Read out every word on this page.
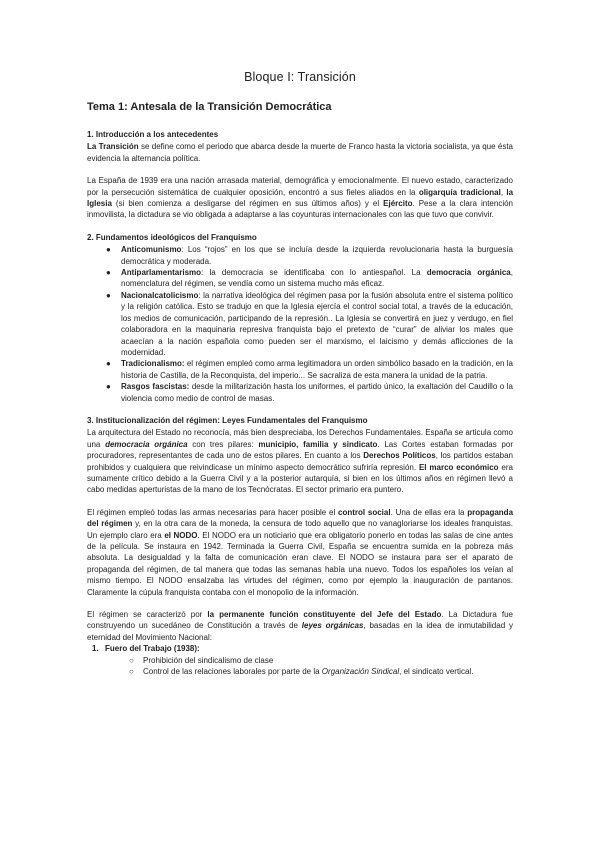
Bloque I: Transición
Tema 1: Antesala de la Transición Democrática
1. Introducción a los antecedentes

La Transición se define como el periodo que abarca desde la muerte de Franco hasta la victoria socialista, ya que ésta evidencia la alternancia política.

La España de 1939 era una nación arrasada material, demográfica y emocionalmente. El nuevo estado, caracterizado por la persecución sistemática de cualquier oposición, encontró a sus fieles aliados en la oligarquía tradicional, la Iglesia (si bien comienza a desligarse del régimen en sus últimos años) y el Ejército. Pese a la clara intención inmovilista, la dictadura se vio obligada a adaptarse a las coyunturas internacionales con las que tuvo que convivir.

2. Fundamentos ideológicos del Franquismo
● Anticomunismo: Los “rojos” en los que se incluía desde la izquierda revolucionaria hasta la burguesía democrática y moderada.
● Antiparlamentarismo: la democracia se identificaba con lo antiespañol. La democracia orgánica, nomenclatura del régimen, se vendía como un sistema mucho más eficaz.
● Nacionalcatolicismo: la narrativa ideológica del régimen pasa por la fusión absoluta entre el sistema político y la religión católica. Esto se tradujo en que la Iglesia ejercía el control social total, a través de la educación, los medios de comunicación, participando de la represión.. La Iglesia se convertirá en juez y verdugo, en fiel colaboradora en la maquinaria represiva franquista bajo el pretexto de “curar” de aliviar los males que acaecían a la nación española como pueden ser el marxismo, el laicismo y demás aflicciones de la modernidad.
● Tradicionalismo: el régimen empleó como arma legitimadora un orden simbólico basado en la tradición, en la historia de Castilla, de la Reconquista, del imperio... Se sacraliza de esta manera la unidad de la patria.
● Rasgos fascistas: desde la militarización hasta los uniformes, el partido único, la exaltación del Caudillo o la violencia como medio de control de masas.
3. Institucionalización del régimen: Leyes Fundamentales del Franquismo

La arquitectura del Estado no reconocía, más bien despreciaba, los Derechos Fundamentales. España se articula como una democracia orgánica con tres pilares: municipio, familia y sindicato. Las Cortes estaban formadas por procuradores, representantes de cada uno de estos pilares. En cuanto a los Derechos Políticos, los partidos estaban prohibidos y cualquiera que reivindicase un mínimo aspecto democrático sufriría represión. El marco económico era sumamente crítico debido a la Guerra Civil y a la posterior autarquía, si bien en los últimos años en régimen llevó a cabo medidas aperturistas de la mano de los Tecnócratas. El sector primario era puntero.

El régimen empleó todas las armas necesarias para hacer posible el control social. Una de ellas era la propaganda del régimen y, en la otra cara de la moneda, la censura de todo aquello que no vanagloriarse los ideales franquistas. Un ejemplo claro era el NODO. El NODO era un noticiario que era obligatorio ponerlo en todas las salas de cine antes de la película. Se instaura en 1942. Terminada la Guerra Civil, España se encuentra sumida en la pobreza más absoluta. La desigualdad y la falta de comunicación eran clave. El NODO se instaura para ser el aparato de propaganda del régimen, de tal manera que todas las semanas había una nuevo. Todos los españoles los veían al mismo tiempo. El NODO ensalzaba las virtudes del régimen, como por ejemplo la inauguración de pantanos. Claramente la cúpula franquista contaba con el monopolio de la información.

El régimen se caracterizó por la permanente función constituyente del Jefe del Estado. La Dictadura fue construyendo un sucedáneo de Constitución a través de leyes orgánicas, basadas en la idea de inmutabilidad y eternidad del Movimiento Nacional:

1. Fuero del Trabajo (1938):
○ Prohibición del sindicalismo de clase
○ Control de las relaciones laborales por parte de la Organización Sindical, el sindicato vertical.
